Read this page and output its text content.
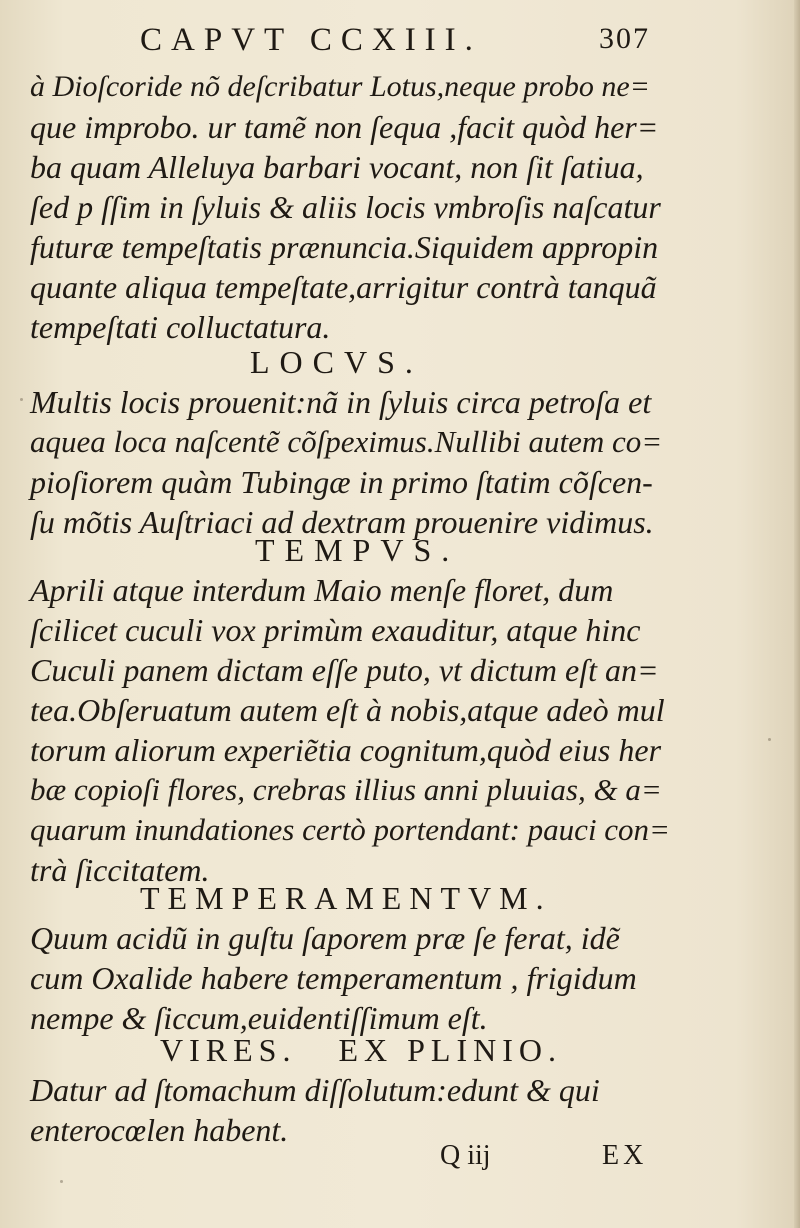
CAPVT CCXIII.	307
à Dioſcoride nõ deſcribatur Lotus,neque probo ne=
que improbo. ur tamẽ non ſequa ,facit quòd her=
ba quam Alleluya barbari vocant, non ſit ſatiua,
ſed p ſſim in ſyluis & aliis locis vmbroſis naſcatur
futuræ tempeſtatis prænuncia.Siquidem appropin
quante aliqua tempeſtate,arrigitur contrà tanquã
tempeſtati colluctatura.
LOCVS.
Multis locis prouenit:nã in ſyluis circa petroſa et
aquea loca naſcentẽ cõſpeximus.Nullibi autem co=
pioſiorem quàm Tubingæ in primo ſtatim cõſcen-
ſu mõtis Auſtriaci ad dextram prouenire vidimus.
TEMPVS.
Aprili atque interdum Maio menſe floret, dum
ſcilicet cuculi vox primùm exauditur, atque hinc
Cuculi panem dictam eſſe puto, vt dictum eſt an=
tea.Obſeruatum autem eſt à nobis,atque adeò mul
torum aliorum experiẽtia cognitum,quòd eius her
bæ copioſi flores, crebras illius anni pluuias, & a=
quarum inundationes certò portendant: pauci con=
trà ſiccitatem.
TEMPERAMENTVM.
Quum acidũ in guſtu ſaporem præ ſe ferat, idẽ
cum Oxalide habere temperamentum , frigidum
nempe & ſiccum,euidentiſſimum eſt.
VIRES.   EX PLINIO.
Datur ad ſtomachum diſſolutum:edunt & qui
enterocœlen habent.
Q iij	EX
